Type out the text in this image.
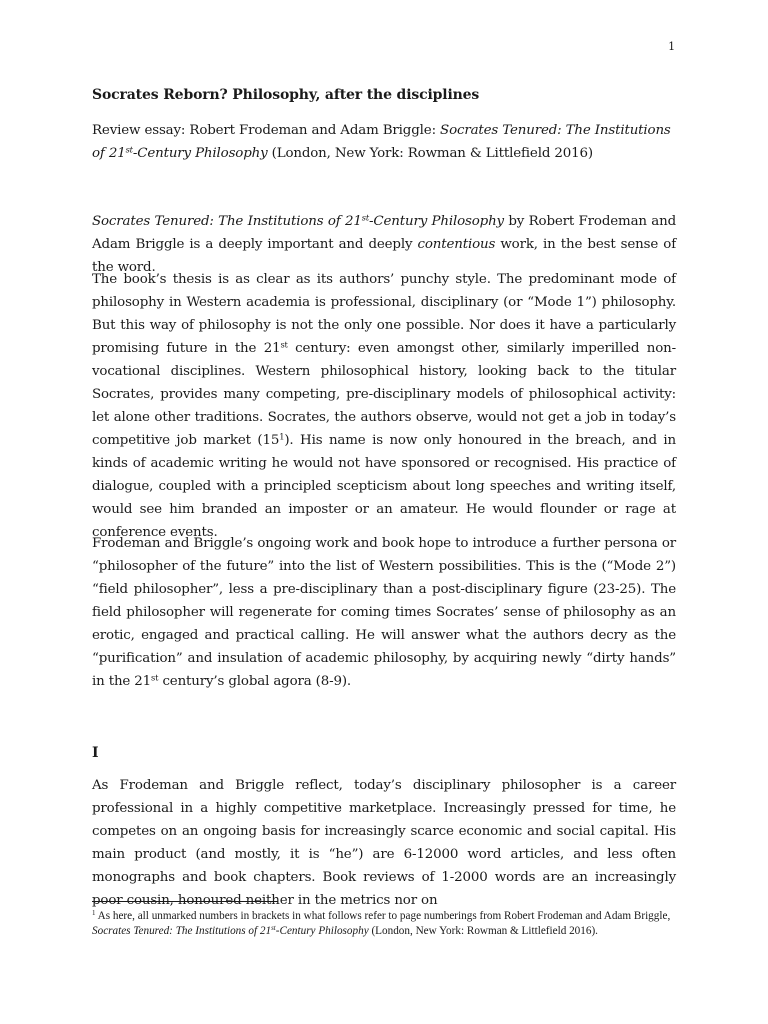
1
Socrates Reborn? Philosophy, after the disciplines

Review essay: Robert Frodeman and Adam Briggle: Socrates Tenured: The Institutions of 21st-Century Philosophy (London, New York: Rowman & Littlefield 2016)

Socrates Tenured: The Institutions of 21st-Century Philosophy by Robert Frodeman and Adam Briggle is a deeply important and deeply contentious work, in the best sense of the word.

The book’s thesis is as clear as its authors’ punchy style. The predominant mode of philosophy in Western academia is professional, disciplinary (or “Mode 1”) philosophy. But this way of philosophy is not the only one possible. Nor does it have a particularly promising future in the 21st century: even amongst other, similarly imperilled non-vocational disciplines. Western philosophical history, looking back to the titular Socrates, provides many competing, pre-disciplinary models of philosophical activity: let alone other traditions. Socrates, the authors observe, would not get a job in today’s competitive job market $(15^1)$. His name is now only honoured in the breach, and in kinds of academic writing he would not have sponsored or recognised. His practice of dialogue, coupled with a principled scepticism about long speeches and writing itself, would see him branded an imposter or an amateur. He would flounder or rage at conference events.

Frodeman and Briggle’s ongoing work and book hope to introduce a further persona or “philosopher of the future” into the list of Western possibilities. This is the (“Mode 2”) “field philosopher”, less a pre-disciplinary than a post-disciplinary figure (23-25). The field philosopher will regenerate for coming times Socrates’ sense of philosophy as an erotic, engaged and practical calling. He will answer what the authors decry as the “purification” and insulation of academic philosophy, by acquiring newly “dirty hands” in the 21st century’s global agora (8-9).

I

As Frodeman and Briggle reflect, today’s disciplinary philosopher is a career professional in a highly competitive marketplace. Increasingly pressed for time, he competes on an ongoing basis for increasingly scarce economic and social capital. His main product (and mostly, it is “he”) are 6-12000 word articles, and less often monographs and book chapters. Book reviews of 1-2000 words are an increasingly poor cousin, honoured neither in the metrics nor on

$^1$ As here, all unmarked numbers in brackets in what follows refer to page numberings from Robert Frodeman and Adam Briggle, Socrates Tenured: The Institutions of 21st-Century Philosophy (London, New York: Rowman & Littlefield 2016).
